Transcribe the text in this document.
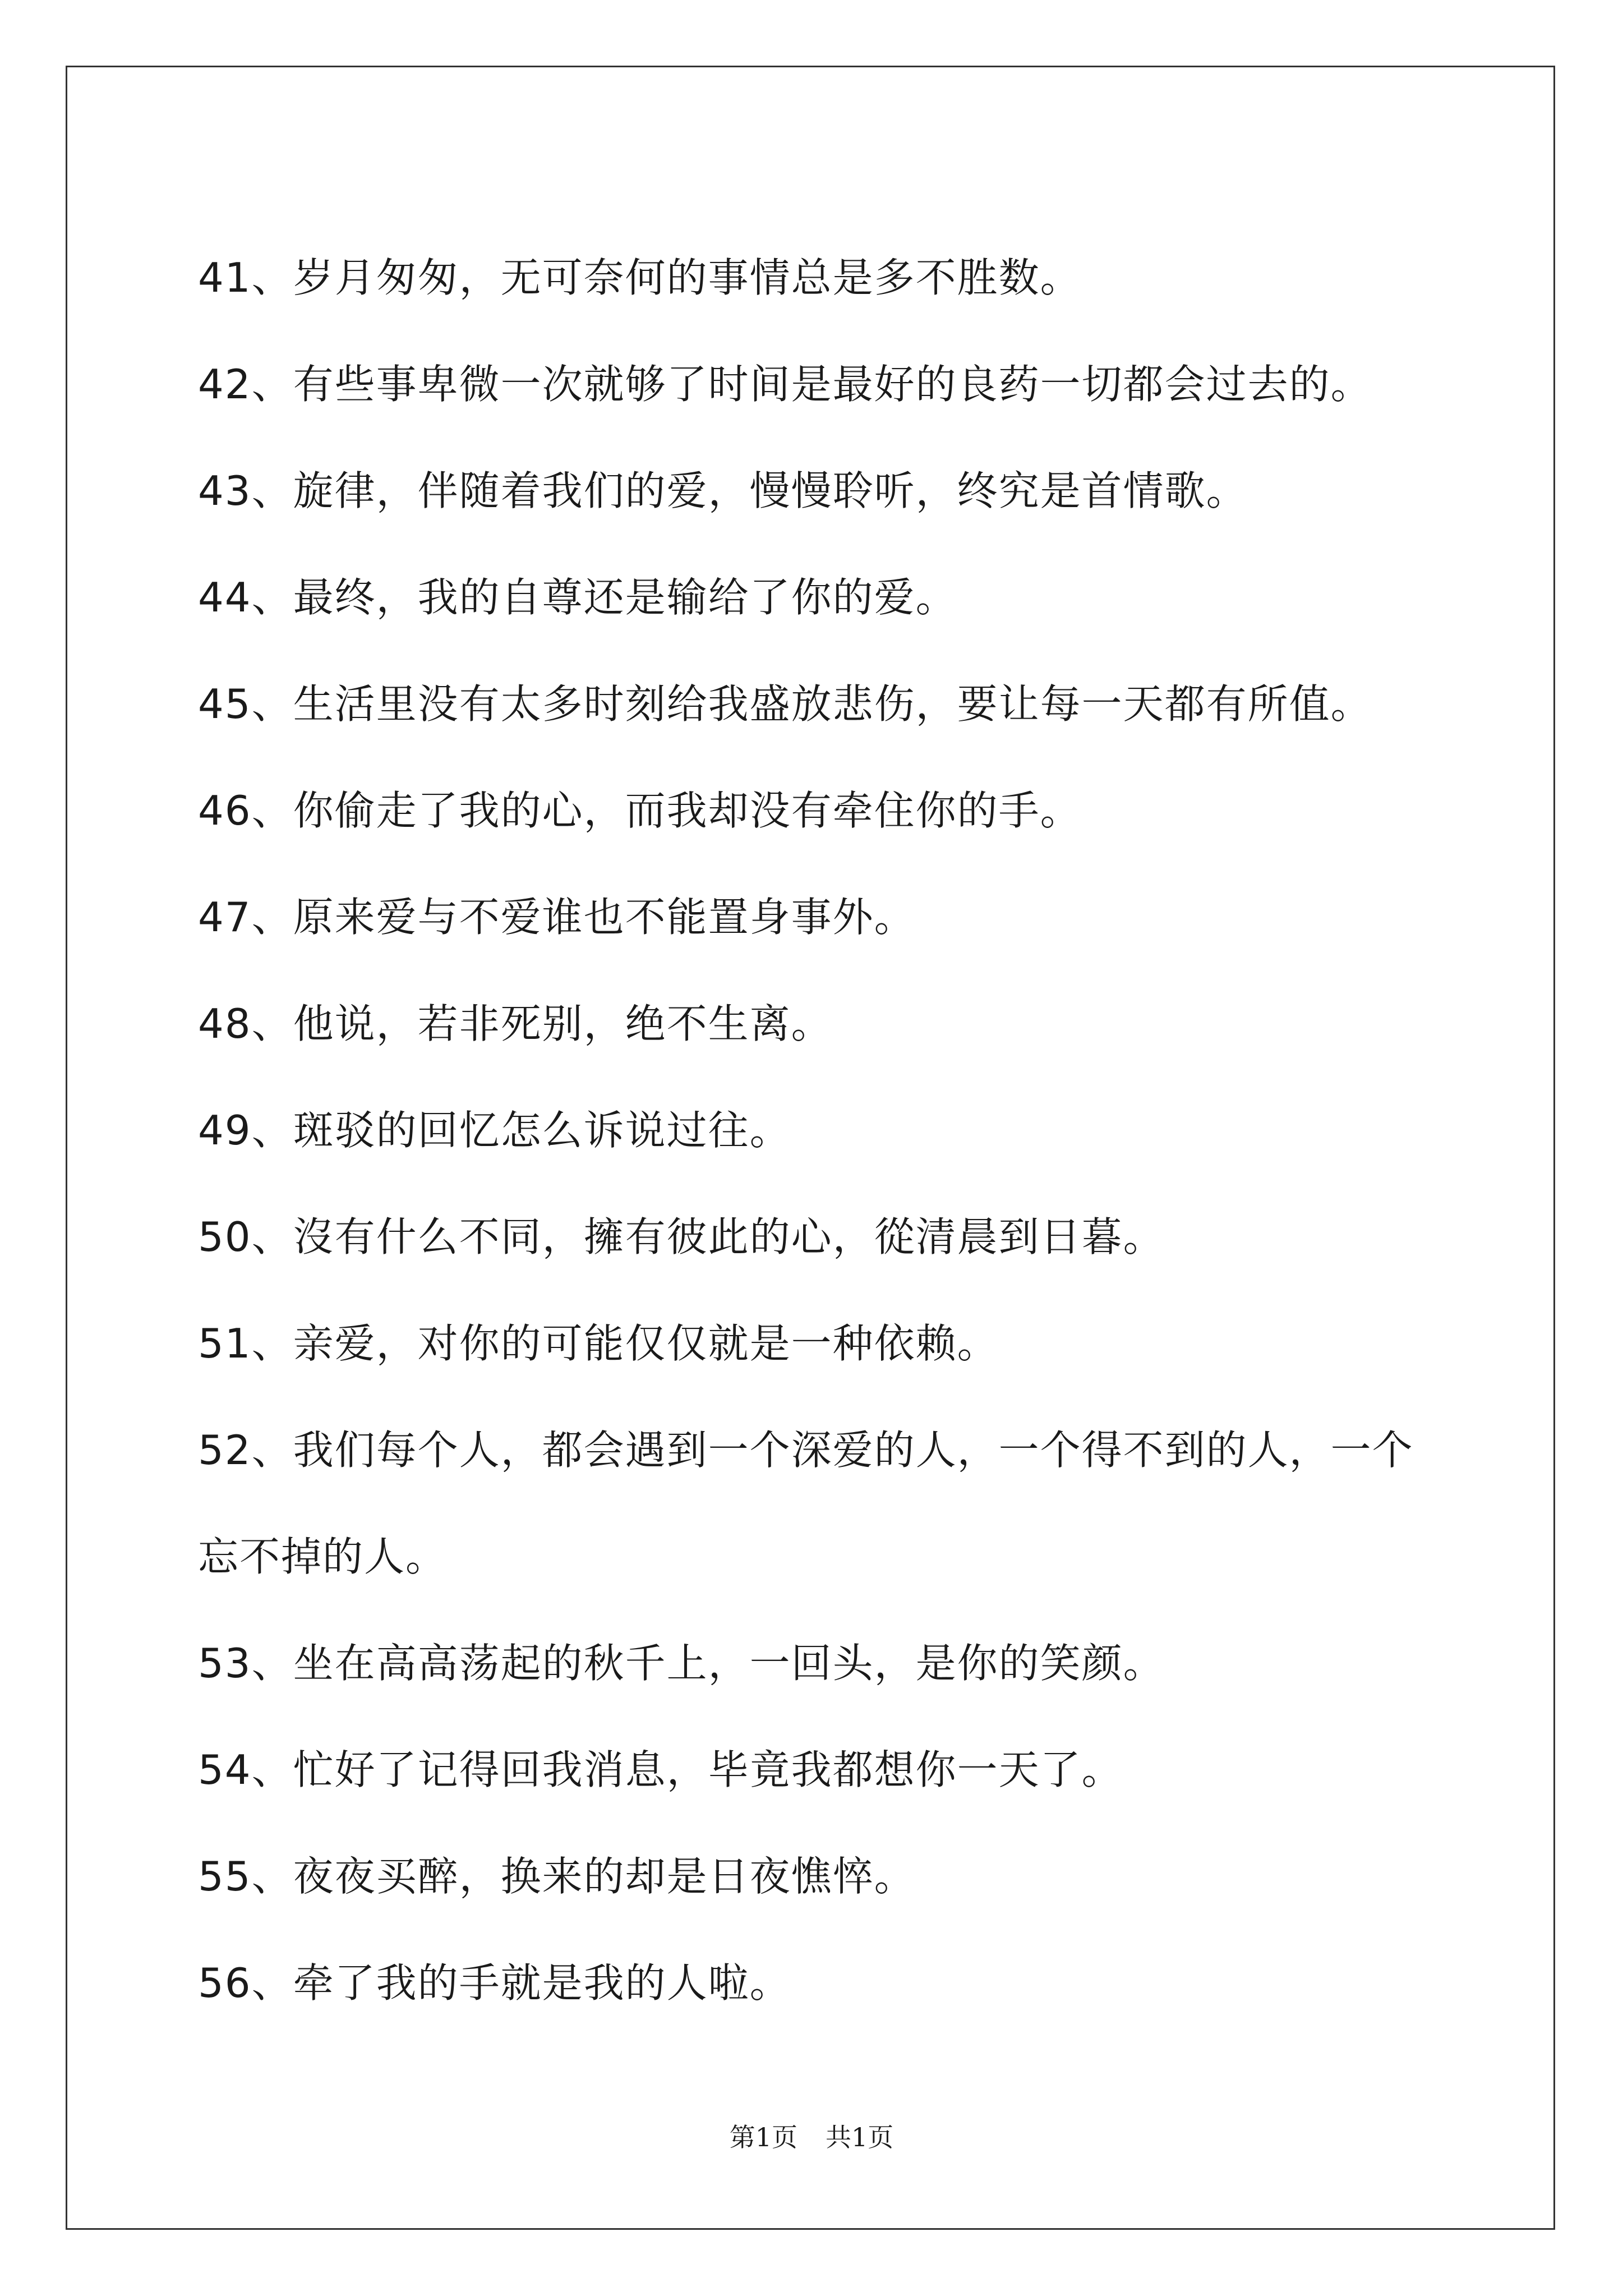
41、岁月匆匆，无可奈何的事情总是多不胜数。
42、有些事卑微一次就够了时间是最好的良药一切都会过去的。
43、旋律，伴随着我们的爱，慢慢聆听，终究是首情歌。
44、最终，我的自尊还是输给了你的爱。
45、生活里没有太多时刻给我盛放悲伤，要让每一天都有所值。
46、你偷走了我的心，而我却没有牵住你的手。
47、原来爱与不爱谁也不能置身事外。
48、他说，若非死别，绝不生离。
49、斑驳的回忆怎么诉说过往。
50、沒有什么不同，擁有彼此的心，從清晨到日暮。
51、亲爱，对你的可能仅仅就是一种依赖。
52、我们每个人，都会遇到一个深爱的人，一个得不到的人，一个忘不掉的人。
53、坐在高高荡起的秋千上，一回头，是你的笑颜。
54、忙好了记得回我消息，毕竟我都想你一天了。
55、夜夜买醉，换来的却是日夜憔悴。
56、牵了我的手就是我的人啦。
第1页 共1页
